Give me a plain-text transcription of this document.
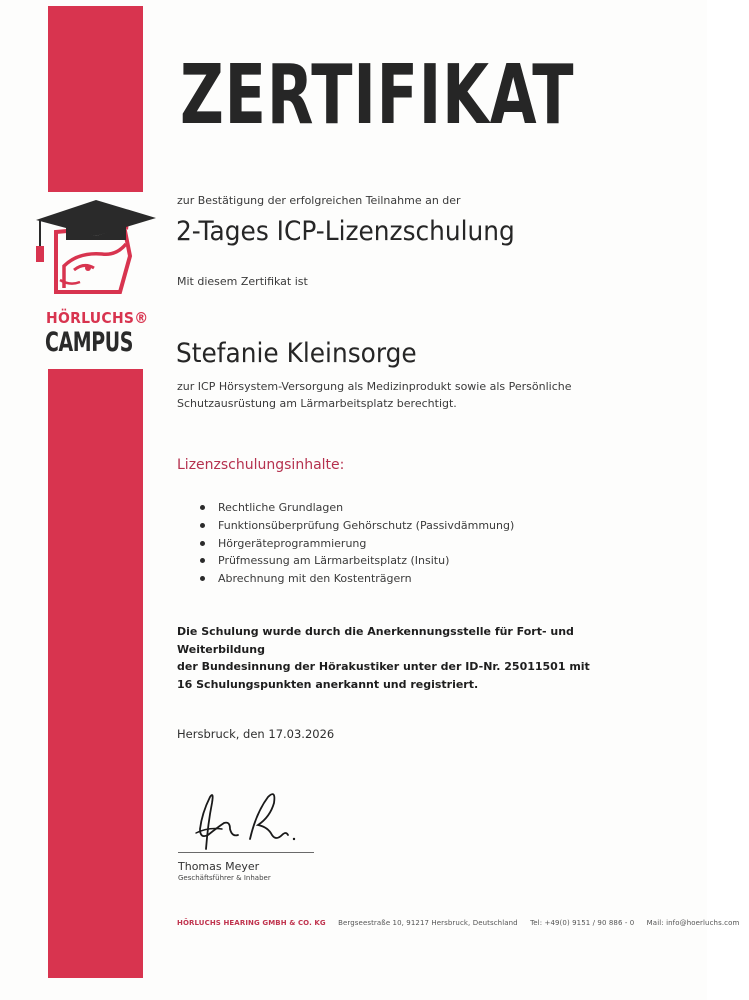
HÖRLUCHS®
CAMPUS
ZERTIFIKAT
zur Bestätigung der erfolgreichen Teilnahme an der
2-Tages ICP-Lizenzschulung
Mit diesem Zertifikat ist
Stefanie Kleinsorge
zur ICP Hörsystem-Versorgung als Medizinprodukt sowie als Persönliche
Schutzausrüstung am Lärmarbeitsplatz berechtigt.
Lizenzschulungsinhalte:
Rechtliche Grundlagen
Funktionsüberprüfung Gehörschutz (Passivdämmung)
Hörgeräteprogrammierung
Prüfmessung am Lärmarbeitsplatz (Insitu)
Abrechnung mit den Kostenträgern
Die Schulung wurde durch die Anerkennungsstelle für Fort- und Weiterbildung
der Bundesinnung der Hörakustiker unter der ID-Nr. 25011501 mit
16 Schulungspunkten anerkannt und registriert.
Hersbruck, den 17.03.2026
Thomas Meyer
Geschäftsführer & Inhaber
HÖRLUCHS HEARING GMBH & CO. KG Bergseestraße 10, 91217 Hersbruck, Deutschland Tel: +49(0) 9151 / 90 886 - 0 Mail: info@hoerluchs.com
